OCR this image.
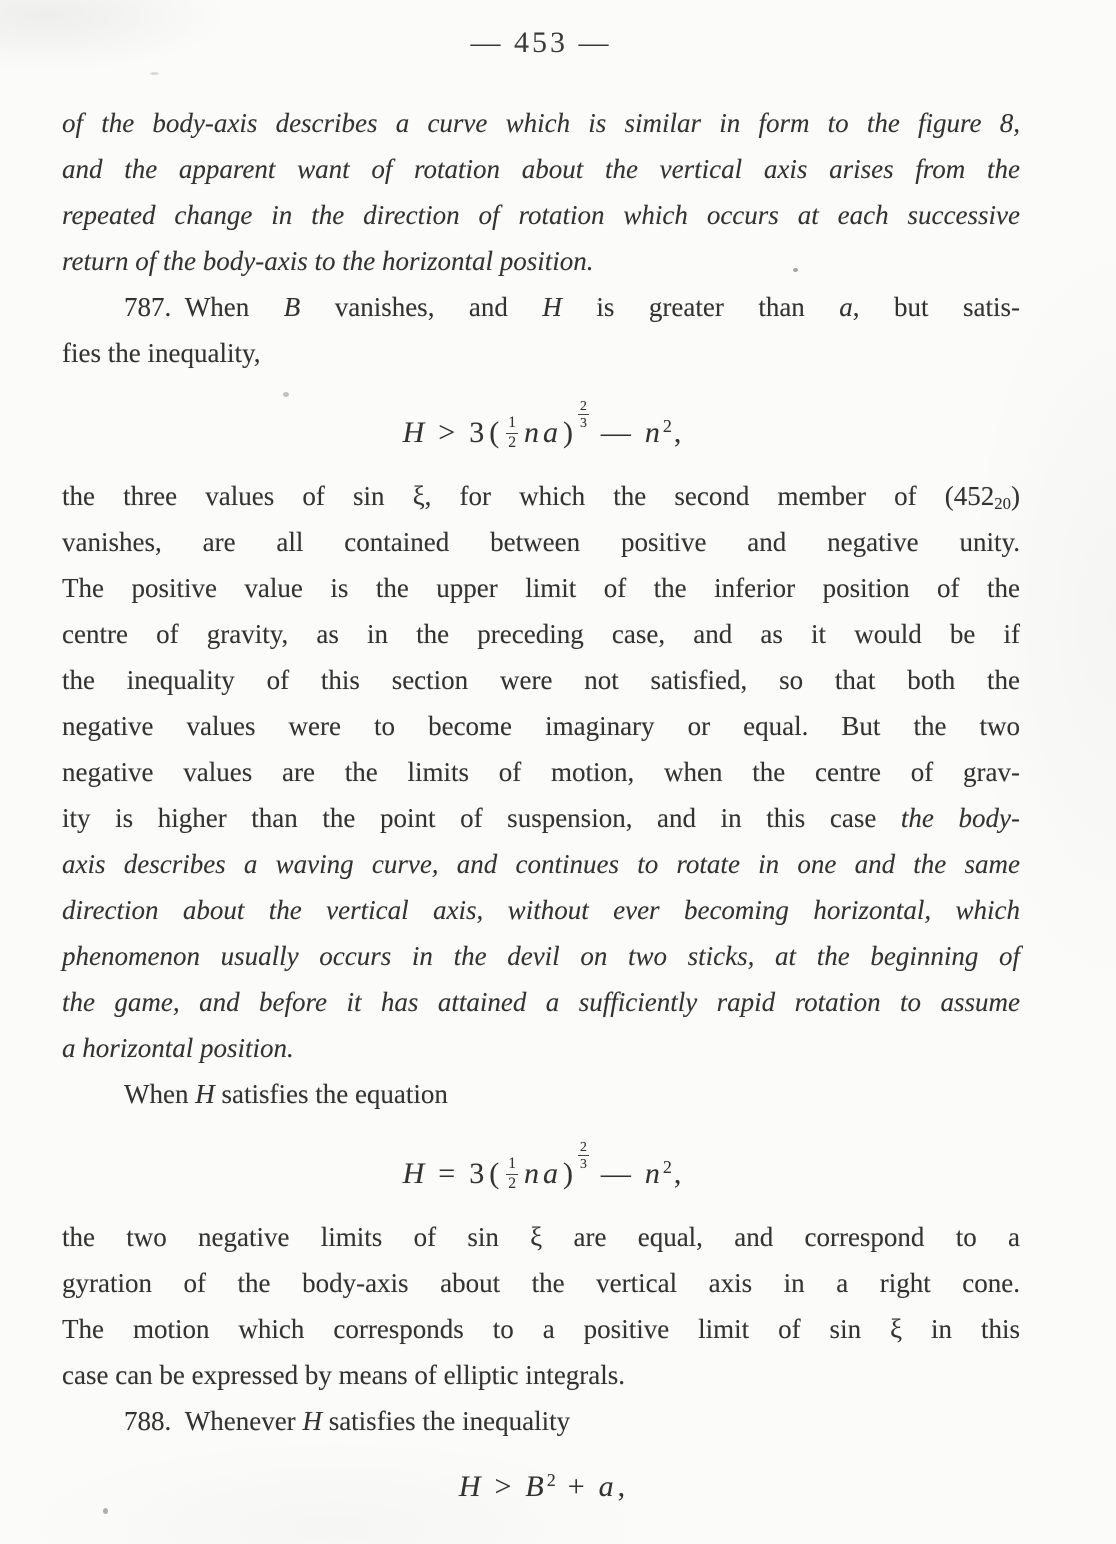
— 453 —
of the body-axis describes a curve which is similar in form to the figure 8,
and the apparent want of rotation about the vertical axis arises from the
repeated change in the direction of rotation which occurs at each successive
return of the body-axis to the horizontal position.
787. When B vanishes, and H is greater than a, but satis-
fies the inequality,
H > 3 ( $\frac{1}{2}$ n a )
$\frac{2}{3}$
— n $^2$,
the three values of sin ξ, for which the second member of (45220)
vanishes, are all contained between positive and negative unity.
The positive value is the upper limit of the inferior position of the
centre of gravity, as in the preceding case, and as it would be if
the inequality of this section were not satisfied, so that both the
negative values were to become imaginary or equal. But the two
negative values are the limits of motion, when the centre of grav-
ity is higher than the point of suspension, and in this case the body-
axis describes a waving curve, and continues to rotate in one and the same
direction about the vertical axis, without ever becoming horizontal, which
phenomenon usually occurs in the devil on two sticks, at the beginning of
the game, and before it has attained a sufficiently rapid rotation to assume
a horizontal position.
When H satisfies the equation
H = 3 ( $\frac{1}{2}$ n a )
$\frac{2}{3}$
— n $^2$,
the two negative limits of sin ξ are equal, and correspond to a
gyration of the body-axis about the vertical axis in a right cone.
The motion which corresponds to a positive limit of sin ξ in this
case can be expressed by means of elliptic integrals.
788. Whenever H satisfies the inequality
H > B $^2$ + a ,
